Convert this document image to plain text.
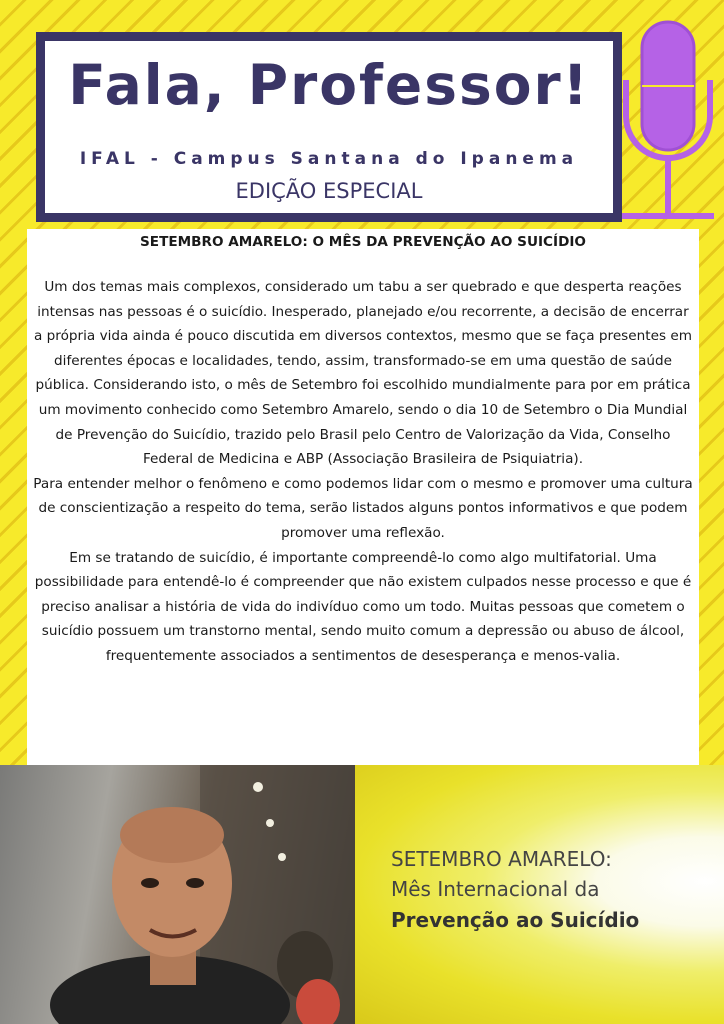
Fala, Professor!
IFAL - Campus Santana do Ipanema
EDIÇÃO ESPECIAL
SETEMBRO AMARELO: O MÊS DA PREVENÇÃO AO SUICÍDIO

Um dos temas mais complexos, considerado um tabu a ser quebrado e que desperta reações intensas nas pessoas é o suicídio. Inesperado, planejado e/ou recorrente, a decisão de encerrar a própria vida ainda é pouco discutida em diversos contextos, mesmo que se faça presentes em diferentes épocas e localidades, tendo, assim, transformado-se em uma questão de saúde pública. Considerando isto, o mês de Setembro foi escolhido mundialmente para por em prática um movimento conhecido como Setembro Amarelo, sendo o dia 10 de Setembro o Dia Mundial de Prevenção do Suicídio, trazido pelo Brasil pelo Centro de Valorização da Vida, Conselho Federal de Medicina e ABP (Associação Brasileira de Psiquiatria).

Para entender melhor o fenômeno e como podemos lidar com o mesmo e promover uma cultura de conscientização a respeito do tema, serão listados alguns pontos informativos e que podem promover uma reflexão.

Em se tratando de suicídio, é importante compreendê-lo como algo multifatorial. Uma possibilidade para entendê-lo é compreender que não existem culpados nesse processo e que é preciso analisar a história de vida do indivíduo como um todo. Muitas pessoas que cometem o suicídio possuem um transtorno mental, sendo muito comum a depressão ou abuso de álcool, frequentemente associados a sentimentos de desesperança e menos-valia.

SETEMBRO AMARELO:
Mês Internacional da
Prevenção ao Suicídio
